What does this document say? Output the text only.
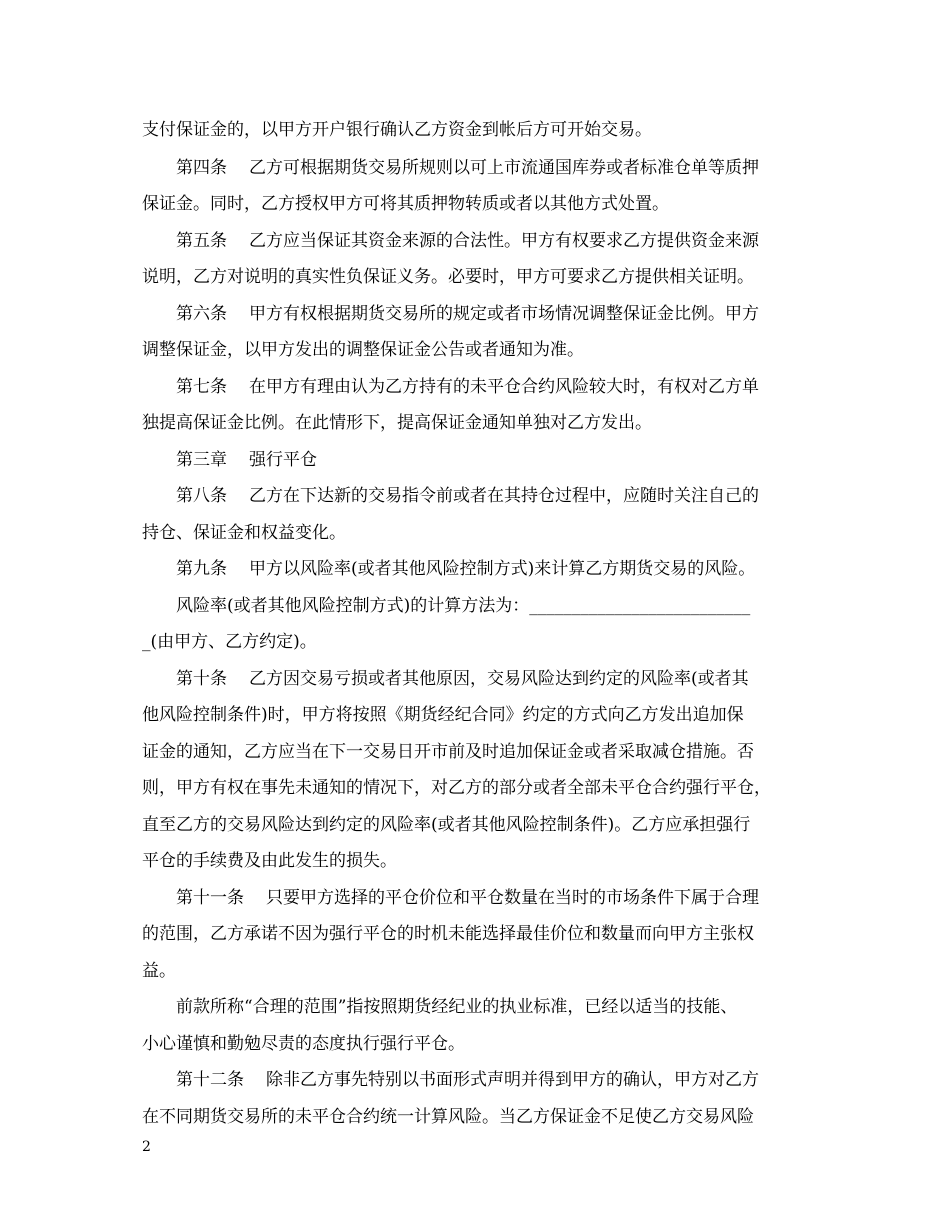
支付保证金的，以甲方开户银行确认乙方资金到帐后方可开始交易。
第四条 乙方可根据期货交易所规则以可上市流通国库券或者标准仓单等质押
保证金。同时，乙方授权甲方可将其质押物转质或者以其他方式处置。
第五条 乙方应当保证其资金来源的合法性。甲方有权要求乙方提供资金来源
说明，乙方对说明的真实性负保证义务。必要时，甲方可要求乙方提供相关证明。
第六条 甲方有权根据期货交易所的规定或者市场情况调整保证金比例。甲方
调整保证金，以甲方发出的调整保证金公告或者通知为准。
第七条 在甲方有理由认为乙方持有的未平仓合约风险较大时，有权对乙方单
独提高保证金比例。在此情形下，提高保证金通知单独对乙方发出。
第三章 强行平仓
第八条 乙方在下达新的交易指令前或者在其持仓过程中，应随时关注自己的
持仓、保证金和权益变化。
第九条 甲方以风险率(或者其他风险控制方式)来计算乙方期货交易的风险。
风险率(或者其他风险控制方式)的计算方法为：__________________________
_(由甲方、乙方约定)。
第十条 乙方因交易亏损或者其他原因，交易风险达到约定的风险率(或者其
他风险控制条件)时，甲方将按照《期货经纪合同》约定的方式向乙方发出追加保
证金的通知，乙方应当在下一交易日开市前及时追加保证金或者采取减仓措施。否
则，甲方有权在事先未通知的情况下，对乙方的部分或者全部未平仓合约强行平仓，
直至乙方的交易风险达到约定的风险率(或者其他风险控制条件)。乙方应承担强行
平仓的手续费及由此发生的损失。
第十一条 只要甲方选择的平仓价位和平仓数量在当时的市场条件下属于合理
的范围，乙方承诺不因为强行平仓的时机未能选择最佳价位和数量而向甲方主张权
益。
前款所称“合理的范围”指按照期货经纪业的执业标准，已经以适当的技能、
小心谨慎和勤勉尽责的态度执行强行平仓。
第十二条 除非乙方事先特别以书面形式声明并得到甲方的确认，甲方对乙方
在不同期货交易所的未平仓合约统一计算风险。当乙方保证金不足使乙方交易风险
2
